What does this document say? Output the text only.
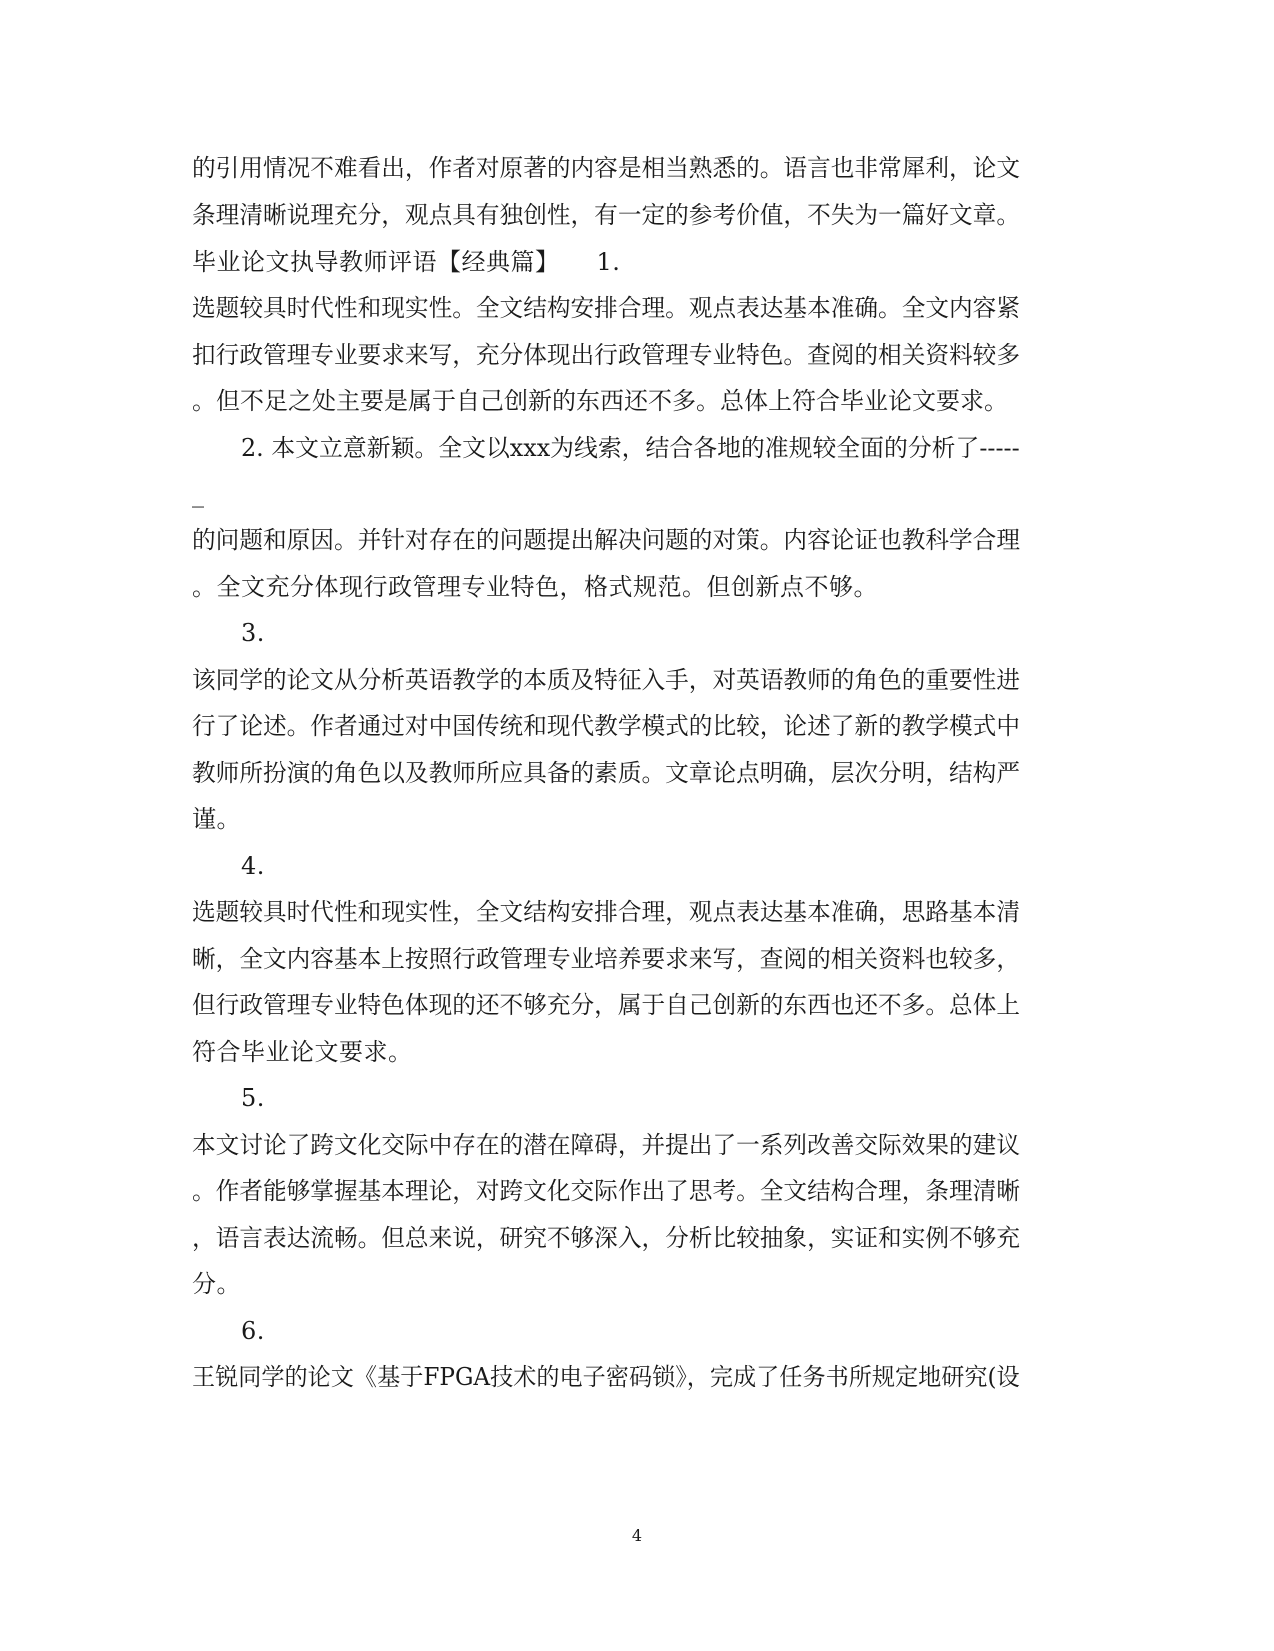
的引用情况不难看出，作者对原著的内容是相当熟悉的。语言也非常犀利，论文
条理清晰说理充分，观点具有独创性，有一定的参考价值，不失为一篇好文章。
毕业论文执导教师评语【经典篇】　　1.
选题较具时代性和现实性。全文结构安排合理。观点表达基本准确。全文内容紧
扣行政管理专业要求来写，充分体现出行政管理专业特色。查阅的相关资料较多
。但不足之处主要是属于自己创新的东西还不多。总体上符合毕业论文要求。
2. 本文立意新颖。全文以xxx为线索，结合各地的准规较全面的分析了-----
_
的问题和原因。并针对存在的问题提出解决问题的对策。内容论证也教科学合理
。全文充分体现行政管理专业特色，格式规范。但创新点不够。
3.
该同学的论文从分析英语教学的本质及特征入手，对英语教师的角色的重要性进
行了论述。作者通过对中国传统和现代教学模式的比较，论述了新的教学模式中
教师所扮演的角色以及教师所应具备的素质。文章论点明确，层次分明，结构严
谨。
4.
选题较具时代性和现实性，全文结构安排合理，观点表达基本准确，思路基本清
晰，全文内容基本上按照行政管理专业培养要求来写，查阅的相关资料也较多，
但行政管理专业特色体现的还不够充分，属于自己创新的东西也还不多。总体上
符合毕业论文要求。
5.
本文讨论了跨文化交际中存在的潜在障碍，并提出了一系列改善交际效果的建议
。作者能够掌握基本理论，对跨文化交际作出了思考。全文结构合理，条理清晰
，语言表达流畅。但总来说，研究不够深入，分析比较抽象，实证和实例不够充
分。
6.
王锐同学的论文《基于FPGA技术的电子密码锁》，完成了任务书所规定地研究(设
4
